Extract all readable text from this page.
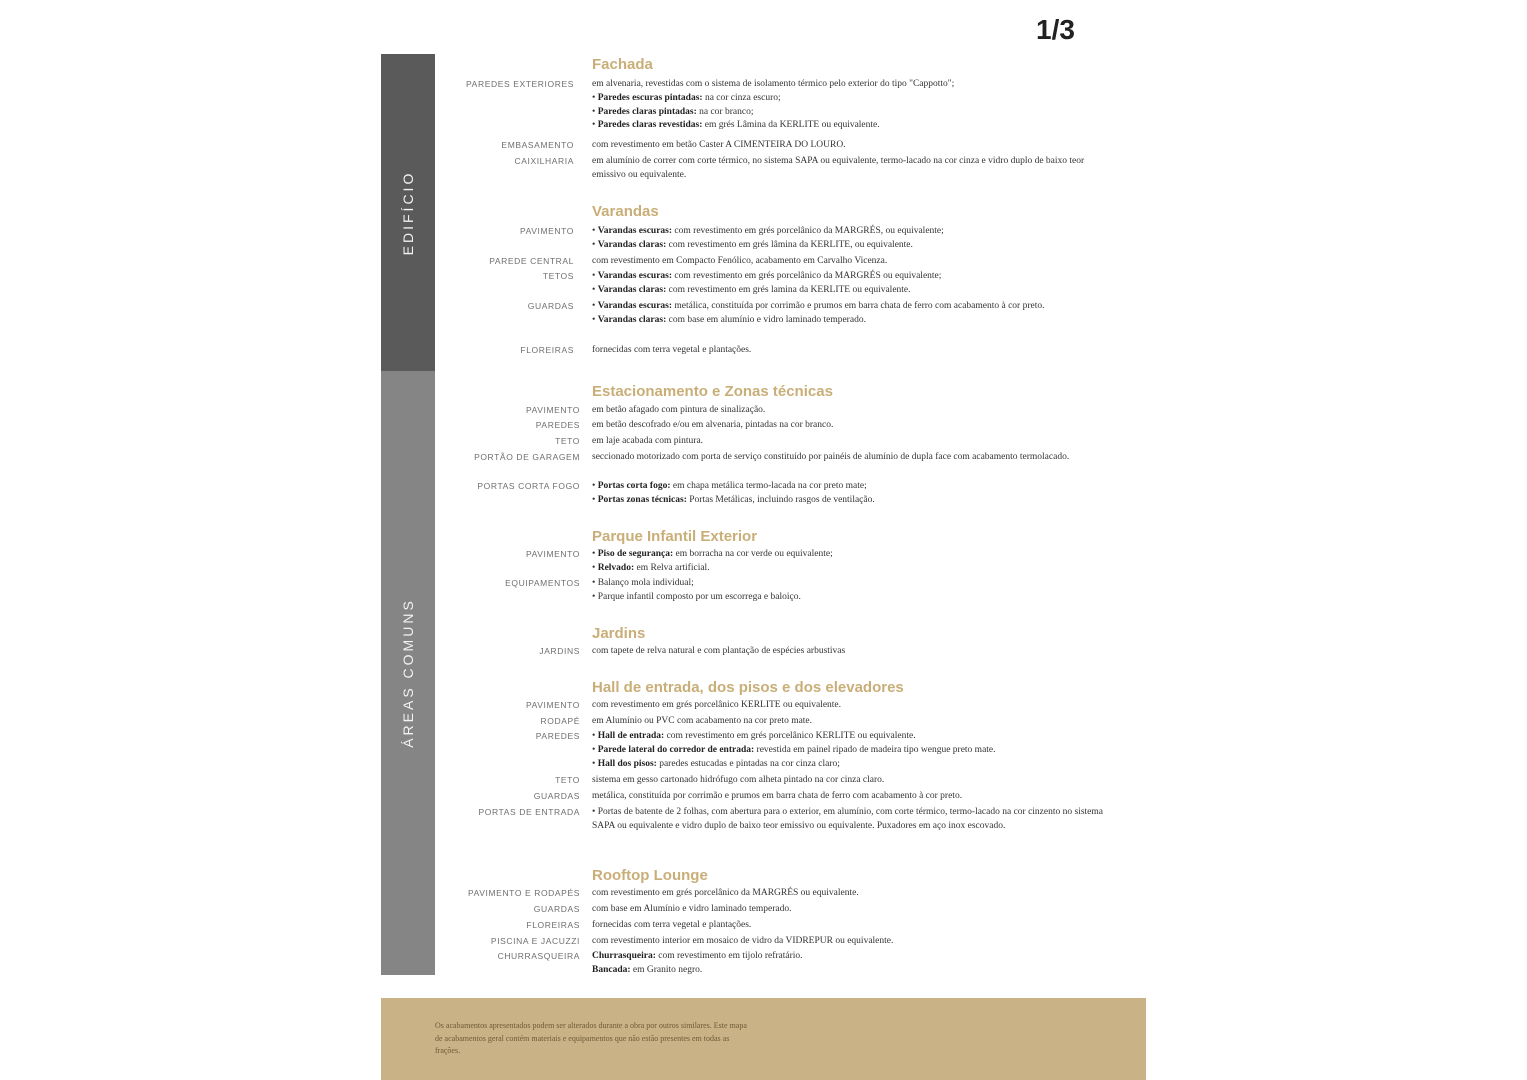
1/3
EDIFÍCIO
ÁREAS COMUNS
Fachada
PAREDES EXTERIORES em alvenaria, revestidas com o sistema de isolamento térmico pelo exterior do tipo "Cappotto";
• Paredes escuras pintadas: na cor cinza escuro;
• Paredes claras pintadas: na cor branco;
• Paredes claras revestidas: em grés Lâmina da KERLITE ou equivalente.
EMBASAMENTO com revestimento em betão Caster A CIMENTEIRA DO LOURO.
CAIXILHARIA em alumínio de correr com corte térmico, no sistema SAPA ou equivalente, termo-lacado na cor cinza e vidro duplo de baixo teor emissivo ou equivalente.
Varandas
PAVIMENTO • Varandas escuras: com revestimento em grés porcelânico da MARGRÉS, ou equivalente;
• Varandas claras: com revestimento em grés lâmina da KERLITE, ou equivalente.
PAREDE CENTRAL com revestimento em Compacto Fenólico, acabamento em Carvalho Vicenza.
TETOS • Varandas escuras: com revestimento em grés porcelânico da MARGRÉS ou equivalente;
• Varandas claras: com revestimento em grés lamina da KERLITE ou equivalente.
GUARDAS • Varandas escuras: metálica, constituída por corrimão e prumos em barra chata de ferro com acabamento à cor preto.
• Varandas claras: com base em alumínio e vidro laminado temperado.
FLOREIRAS fornecidas com terra vegetal e plantações.
Estacionamento e Zonas técnicas
PAVIMENTO em betão afagado com pintura de sinalização.
PAREDES em betão descofrado e/ou em alvenaria, pintadas na cor branco.
TETO em laje acabada com pintura.
PORTÃO DE GARAGEM seccionado motorizado com porta de serviço constituído por painéis de alumínio de dupla face com acabamento termolacado.
PORTAS CORTA FOGO • Portas corta fogo: em chapa metálica termo-lacada na cor preto mate;
• Portas zonas técnicas: Portas Metálicas, incluindo rasgos de ventilação.
Parque Infantil Exterior
PAVIMENTO • Piso de segurança: em borracha na cor verde ou equivalente;
• Relvado: em Relva artificial.
EQUIPAMENTOS • Balanço mola individual;
• Parque infantil composto por um escorrega e baloiço.
Jardins
JARDINS com tapete de relva natural e com plantação de espécies arbustivas
Hall de entrada, dos pisos e dos elevadores
PAVIMENTO com revestimento em grés porcelânico KERLITE ou equivalente.
RODAPÉ em Alumínio ou PVC com acabamento na cor preto mate.
PAREDES • Hall de entrada: com revestimento em grés porcelânico KERLITE ou equivalente.
• Parede lateral do corredor de entrada: revestida em painel ripado de madeira tipo wengue preto mate.
• Hall dos pisos: paredes estucadas e pintadas na cor cinza claro;
TETO sistema em gesso cartonado hidrófugo com alheta pintado na cor cinza claro.
GUARDAS metálica, constituída por corrimão e prumos em barra chata de ferro com acabamento à cor preto.
PORTAS DE ENTRADA • Portas de batente de 2 folhas, com abertura para o exterior, em alumínio, com corte térmico, termo-lacado na cor cinzento no sistema SAPA ou equivalente e vidro duplo de baixo teor emissivo ou equivalente. Puxadores em aço inox escovado.
Rooftop Lounge
PAVIMENTO E RODAPÉS com revestimento em grés porcelânico da MARGRÉS ou equivalente.
GUARDAS com base em Alumínio e vidro laminado temperado.
FLOREIRAS fornecidas com terra vegetal e plantações.
PISCINA E JACUZZI com revestimento interior em mosaico de vidro da VIDREPUR ou equivalente.
CHURRASQUEIRA Churrasqueira: com revestimento em tijolo refratário.
Bancada: em Granito negro.
Os acabamentos apresentados podem ser alterados durante a obra por outros similares. Este mapa de acabamentos geral contém materiais e equipamentos que não estão presentes em todas as frações.
